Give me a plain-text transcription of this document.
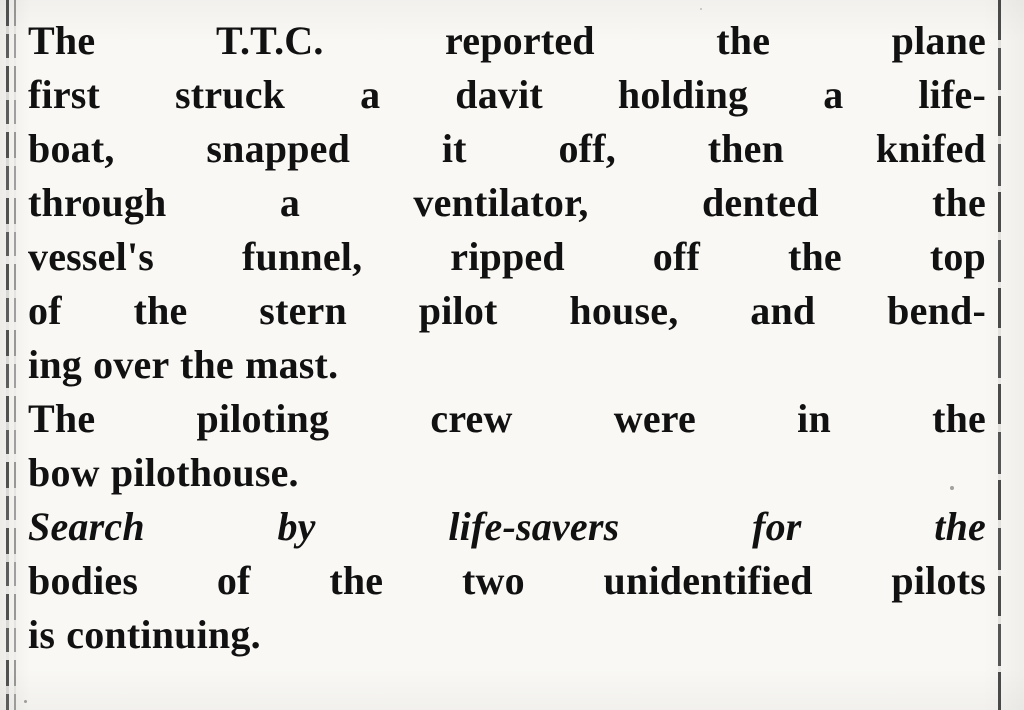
The  T.T.C.  reported  the  plane
first struck a davit holding a life-
boat, snapped it off, then knifed
through a ventilator, dented the
vessel's funnel, ripped off the top
of the stern pilot house, and bend-
ing over the mast.

The  piloting  crew  were  in  the
bow pilothouse.

Search   by   life-savers   for   the
bodies of the two unidentified pilots
is continuing.
